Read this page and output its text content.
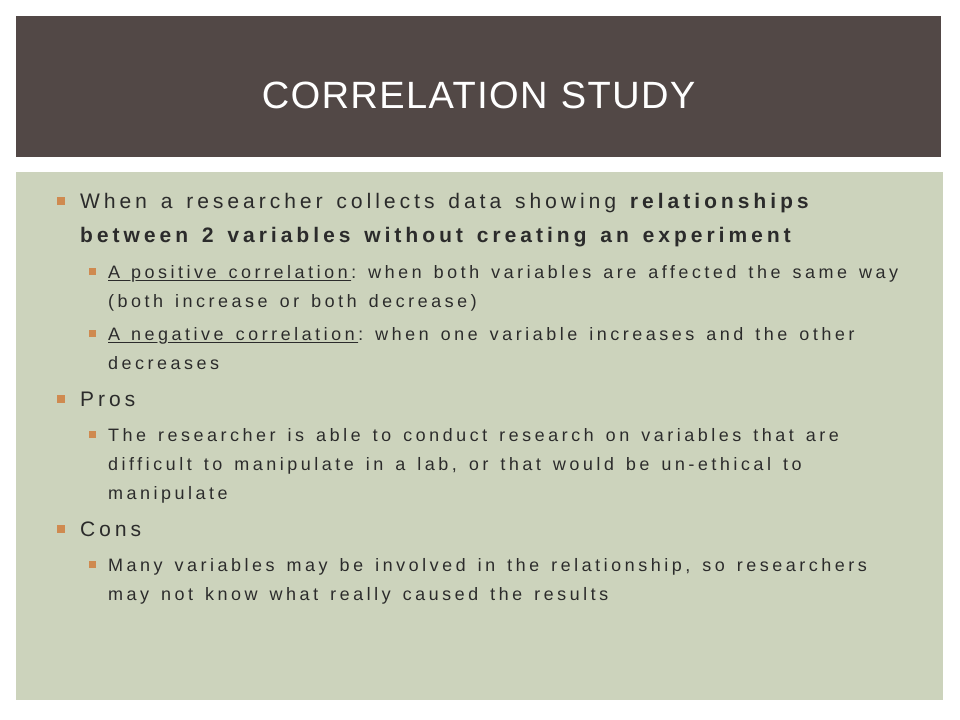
CORRELATION STUDY
When a researcher collects data showing relationships between 2 variables without creating an experiment
A positive correlation: when both variables are affected the same way (both increase or both decrease)
A negative correlation: when one variable increases and the other decreases
Pros
The researcher is able to conduct research on variables that are difficult to manipulate in a lab, or that would be un-ethical to manipulate
Cons
Many variables may be involved in the relationship, so researchers may not know what really caused the results
